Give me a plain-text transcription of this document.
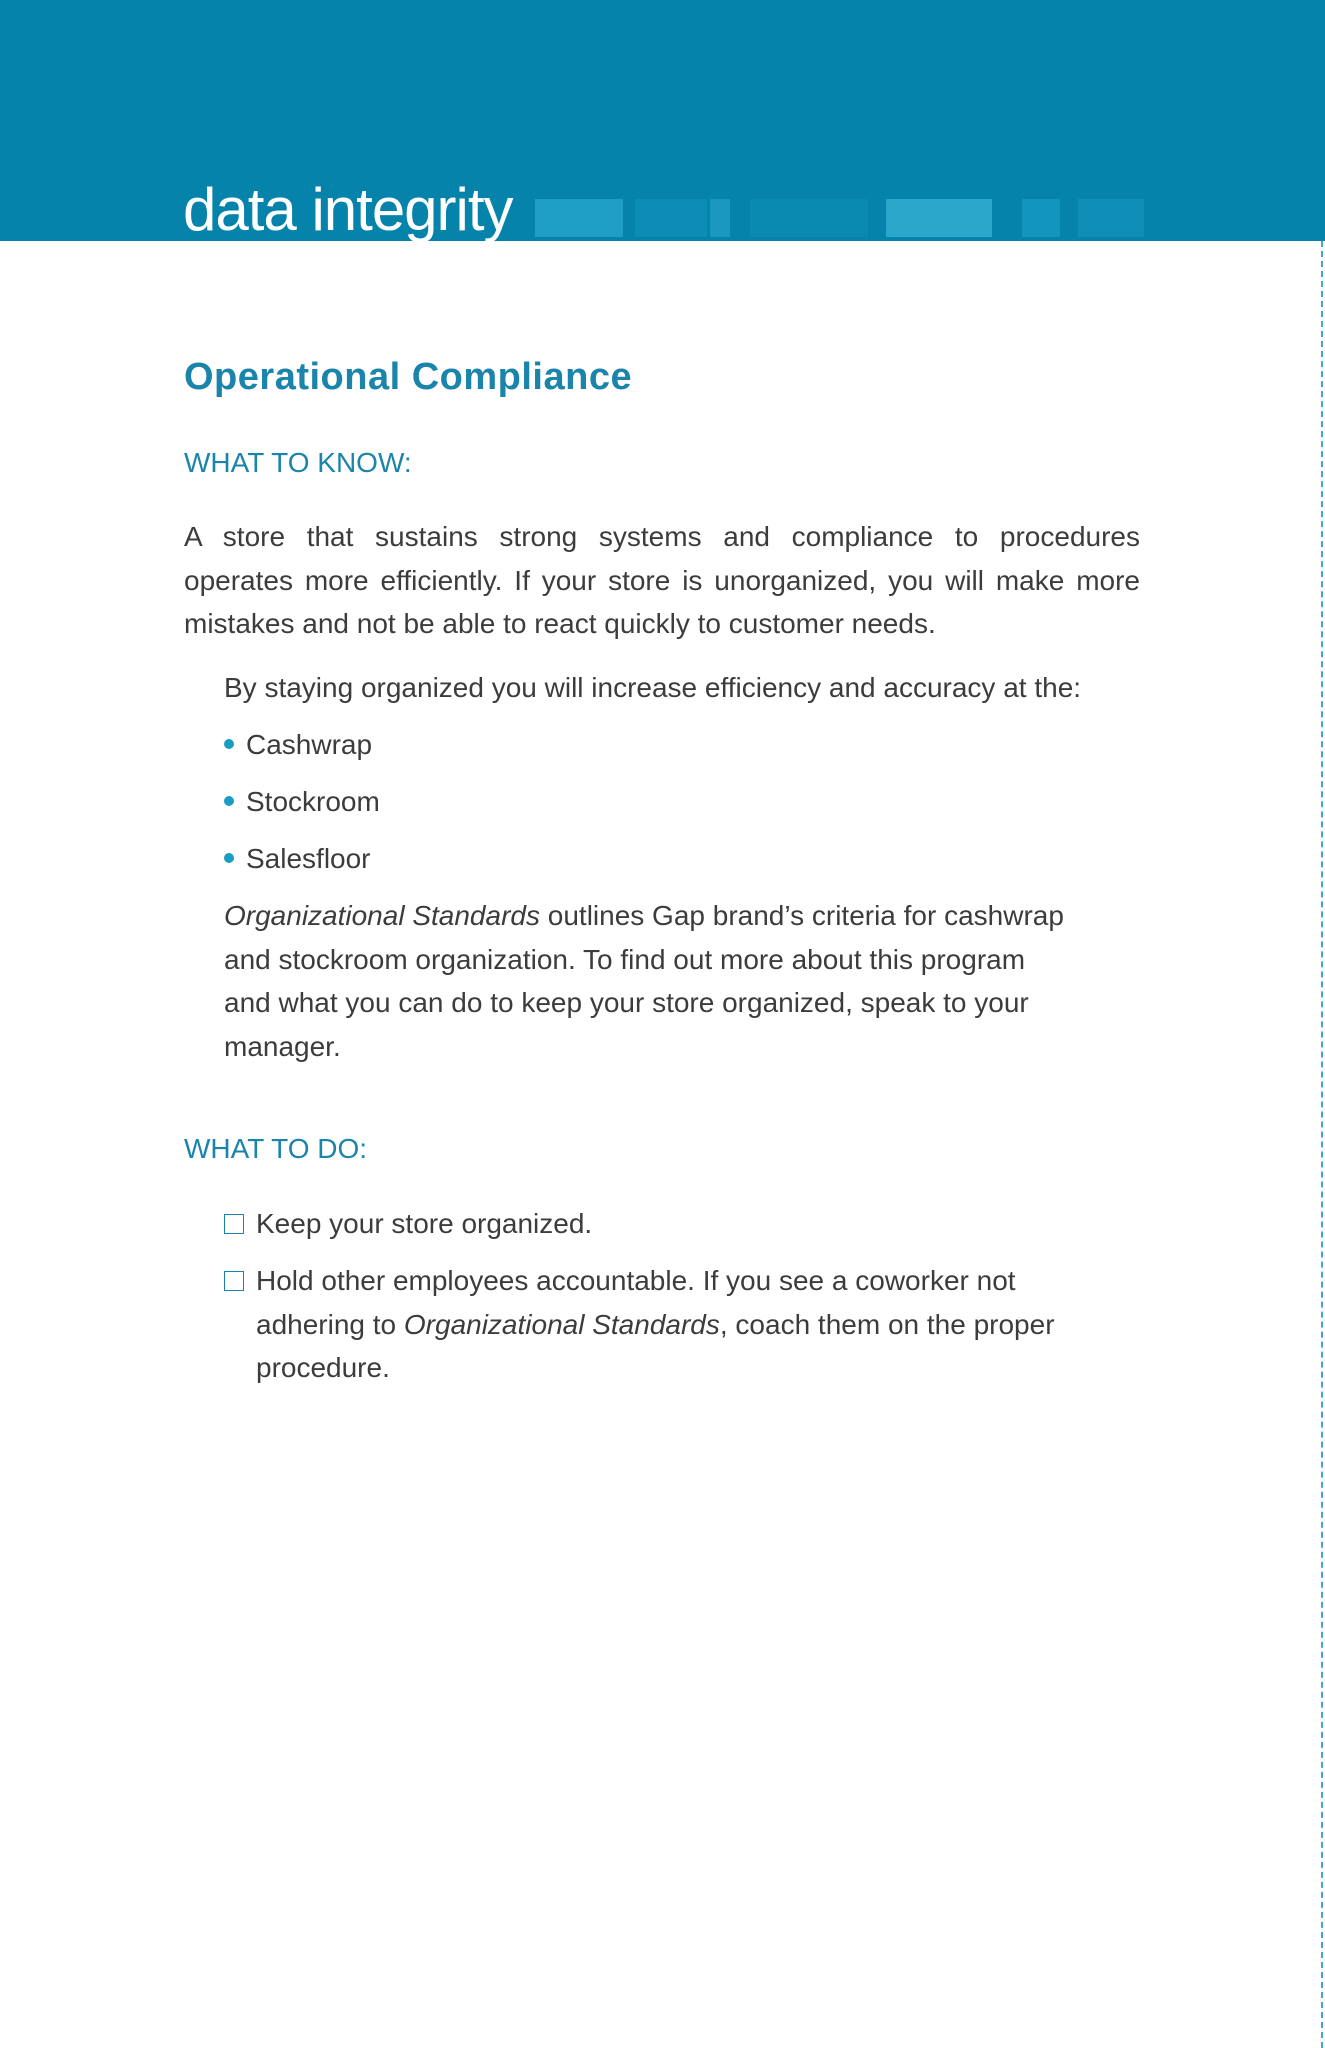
data integrity
Operational Compliance
WHAT TO KNOW:
A store that sustains strong systems and compliance to procedures
operates more efficiently. If your store is unorganized, you will make more
mistakes and not be able to react quickly to customer needs.
By staying organized you will increase efficiency and accuracy at the:
Cashwrap
Stockroom
Salesfloor
Organizational Standards outlines Gap brand’s criteria for cashwrap
and stockroom organization. To find out more about this program
and what you can do to keep your store organized, speak to your
manager.
WHAT TO DO:
Keep your store organized.
Hold other employees accountable. If you see a coworker not
adhering to Organizational Standards, coach them on the proper
procedure.
